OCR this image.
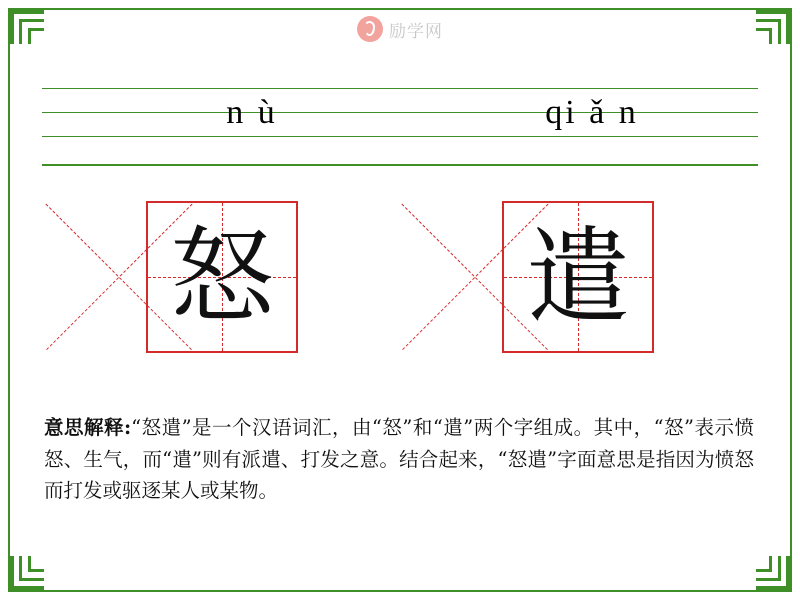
励学网
n ù	qi ǎ n
怒 遣
意思解释:“怒遣”是一个汉语词汇，由“怒”和“遣”两个字组成。其中，“怒”表示愤怒、生气，而“遣”则有派遣、打发之意。结合起来，“怒遣”字面意思是指因为愤怒而打发或驱逐某人或某物。
